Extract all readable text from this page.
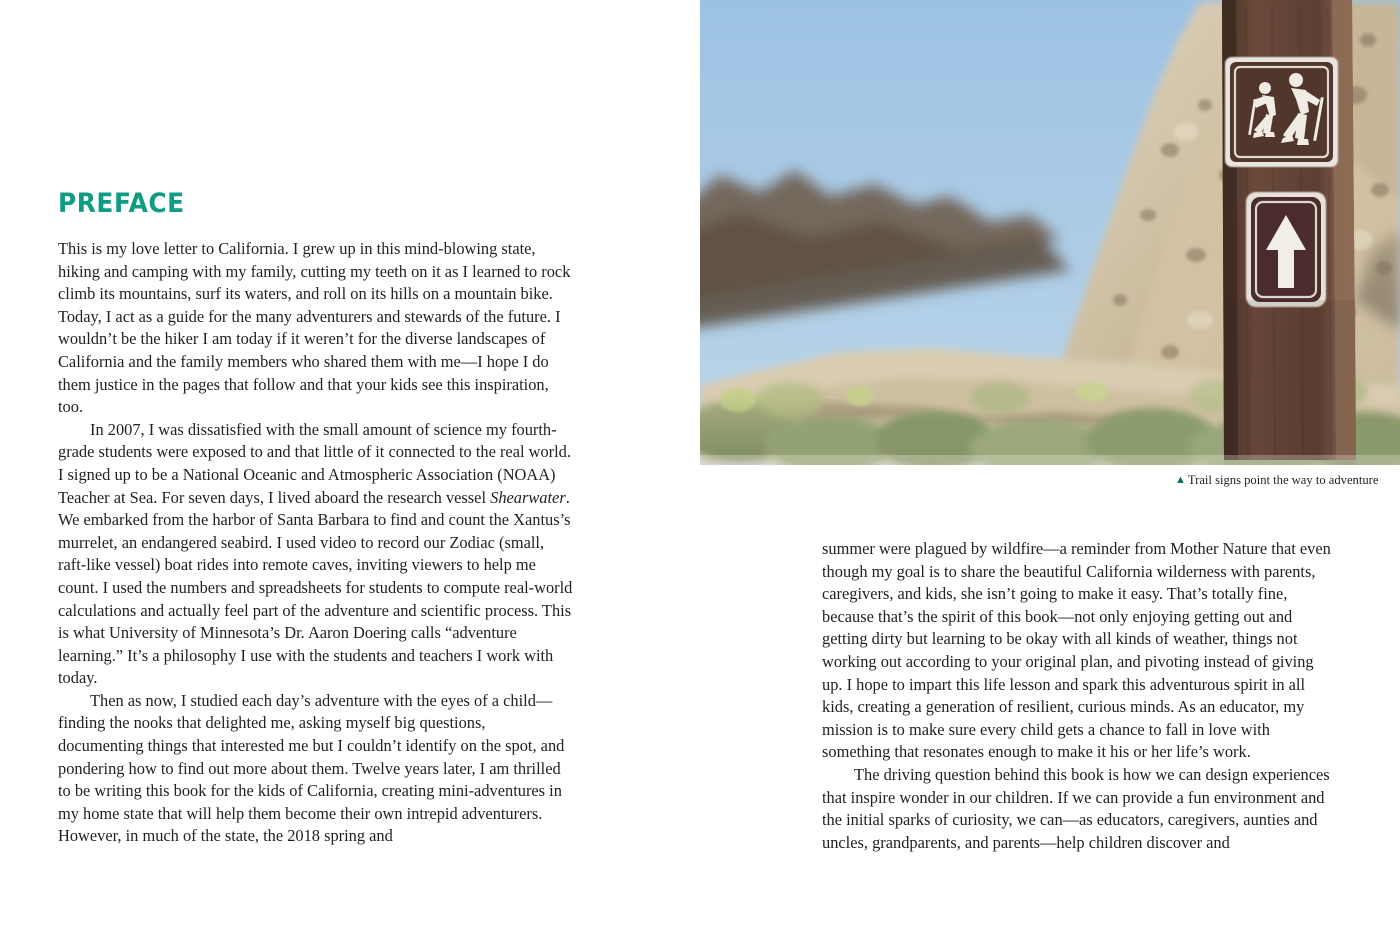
PREFACE

This is my love letter to California. I grew up in this mind-blowing state, hiking and camping with my family, cutting my teeth on it as I learned to rock climb its mountains, surf its waters, and roll on its hills on a mountain bike. Today, I act as a guide for the many adventurers and stewards of the future. I wouldn’t be the hiker I am today if it weren’t for the diverse landscapes of California and the family members who shared them with me—I hope I do them justice in the pages that follow and that your kids see this inspiration, too.

In 2007, I was dissatisfied with the small amount of science my fourth-grade students were exposed to and that little of it connected to the real world. I signed up to be a National Oceanic and Atmospheric Association (NOAA) Teacher at Sea. For seven days, I lived aboard the research vessel Shearwater. We embarked from the harbor of Santa Barbara to find and count the Xantus’s murrelet, an endangered seabird. I used video to record our Zodiac (small, raft-like vessel) boat rides into remote caves, inviting viewers to help me count. I used the numbers and spreadsheets for students to compute real-world calculations and actually feel part of the adventure and scientific process. This is what University of Minnesota’s Dr. Aaron Doering calls “adventure learning.” It’s a philosophy I use with the students and teachers I work with today.

Then as now, I studied each day’s adventure with the eyes of a child—finding the nooks that delighted me, asking myself big questions, documenting things that interested me but I couldn’t identify on the spot, and pondering how to find out more about them. Twelve years later, I am thrilled to be writing this book for the kids of California, creating mini-adventures in my home state that will help them become their own intrepid adventurers. However, in much of the state, the 2018 spring and

▲ Trail signs point the way to adventure

summer were plagued by wildfire—a reminder from Mother Nature that even though my goal is to share the beautiful California wilderness with parents, caregivers, and kids, she isn’t going to make it easy. That’s totally fine, because that’s the spirit of this book—not only enjoying getting out and getting dirty but learning to be okay with all kinds of weather, things not working out according to your original plan, and pivoting instead of giving up. I hope to impart this life lesson and spark this adventurous spirit in all kids, creating a generation of resilient, curious minds. As an educator, my mission is to make sure every child gets a chance to fall in love with something that resonates enough to make it his or her life’s work.

The driving question behind this book is how we can design experiences that inspire wonder in our children. If we can provide a fun environment and the initial sparks of curiosity, we can—as educators, caregivers, aunties and uncles, grandparents, and parents—help children discover and
